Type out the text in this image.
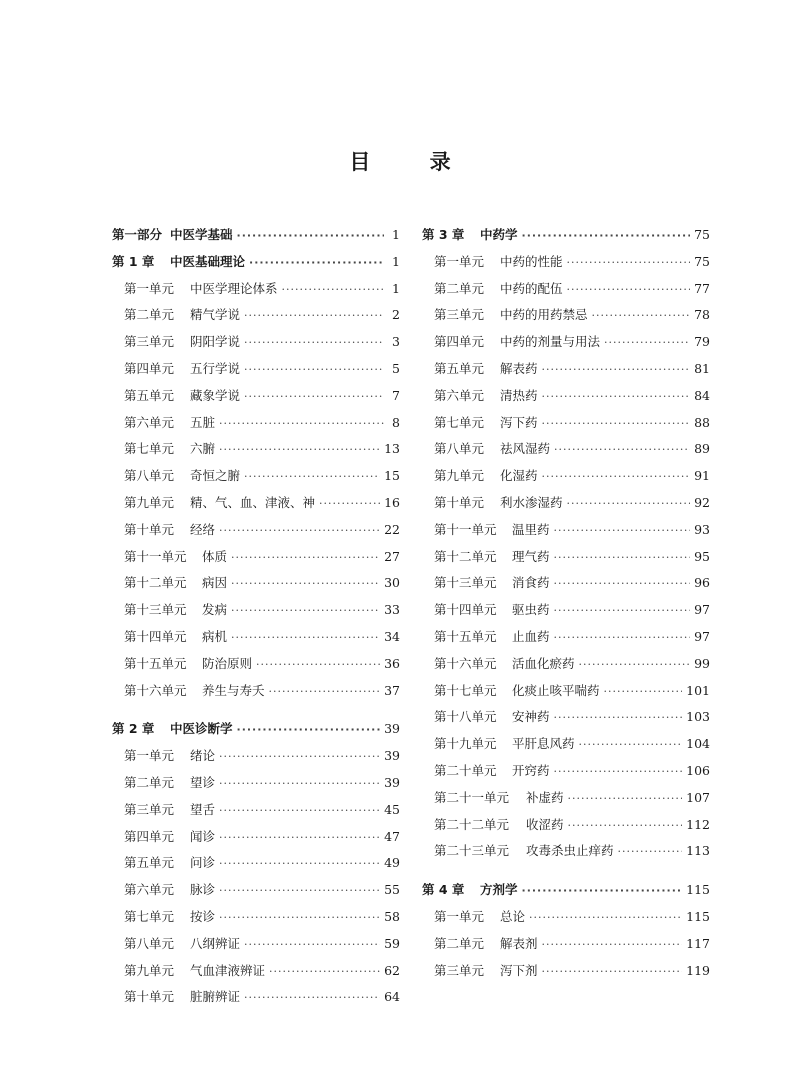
目 录
第一部分 中医学基础 ·····	1
第 1 章	中医基础理论 ·····	1
第一单元	中医学理论体系 ·····	1
第二单元	精气学说 ·····	2
第三单元	阴阳学说 ·····	3
第四单元	五行学说 ·····	5
第五单元	藏象学说 ·····	7
第六单元	五脏 ·····	8
第七单元	六腑 ·····	13
第八单元	奇恒之腑 ·····	15
第九单元	精、气、血、津液、神 ·····	16
第十单元	经络 ·····	22
第十一单元	体质 ·····	27
第十二单元	病因 ·····	30
第十三单元	发病 ·····	33
第十四单元	病机 ·····	34
第十五单元	防治原则 ·····	36
第十六单元	养生与寿夭 ·····	37
第 2 章	中医诊断学 ·····	39
第一单元	绪论 ·····	39
第二单元	望诊 ·····	39
第三单元	望舌 ·····	45
第四单元	闻诊 ·····	47
第五单元	问诊 ·····	49
第六单元	脉诊 ·····	55
第七单元	按诊 ·····	58
第八单元	八纲辨证 ·····	59
第九单元	气血津液辨证 ·····	62
第十单元	脏腑辨证 ·····	64
第 3 章	中药学 ·····	75
第一单元	中药的性能 ·····	75
第二单元	中药的配伍 ·····	77
第三单元	中药的用药禁忌 ·····	78
第四单元	中药的剂量与用法 ·····	79
第五单元	解表药 ·····	81
第六单元	清热药 ·····	84
第七单元	泻下药 ·····	88
第八单元	祛风湿药 ·····	89
第九单元	化湿药 ·····	91
第十单元	利水渗湿药 ·····	92
第十一单元	温里药 ·····	93
第十二单元	理气药 ·····	95
第十三单元	消食药 ·····	96
第十四单元	驱虫药 ·····	97
第十五单元	止血药 ·····	97
第十六单元	活血化瘀药 ·····	99
第十七单元	化痰止咳平喘药 ·····	101
第十八单元	安神药 ·····	103
第十九单元	平肝息风药 ·····	104
第二十单元	开窍药 ·····	106
第二十一单元	补虚药 ·····	107
第二十二单元	收涩药 ·····	112
第二十三单元	攻毒杀虫止痒药 ·····	113
第 4 章	方剂学 ·····	115
第一单元	总论 ·····	115
第二单元	解表剂 ·····	117
第三单元	泻下剂 ·····	119
